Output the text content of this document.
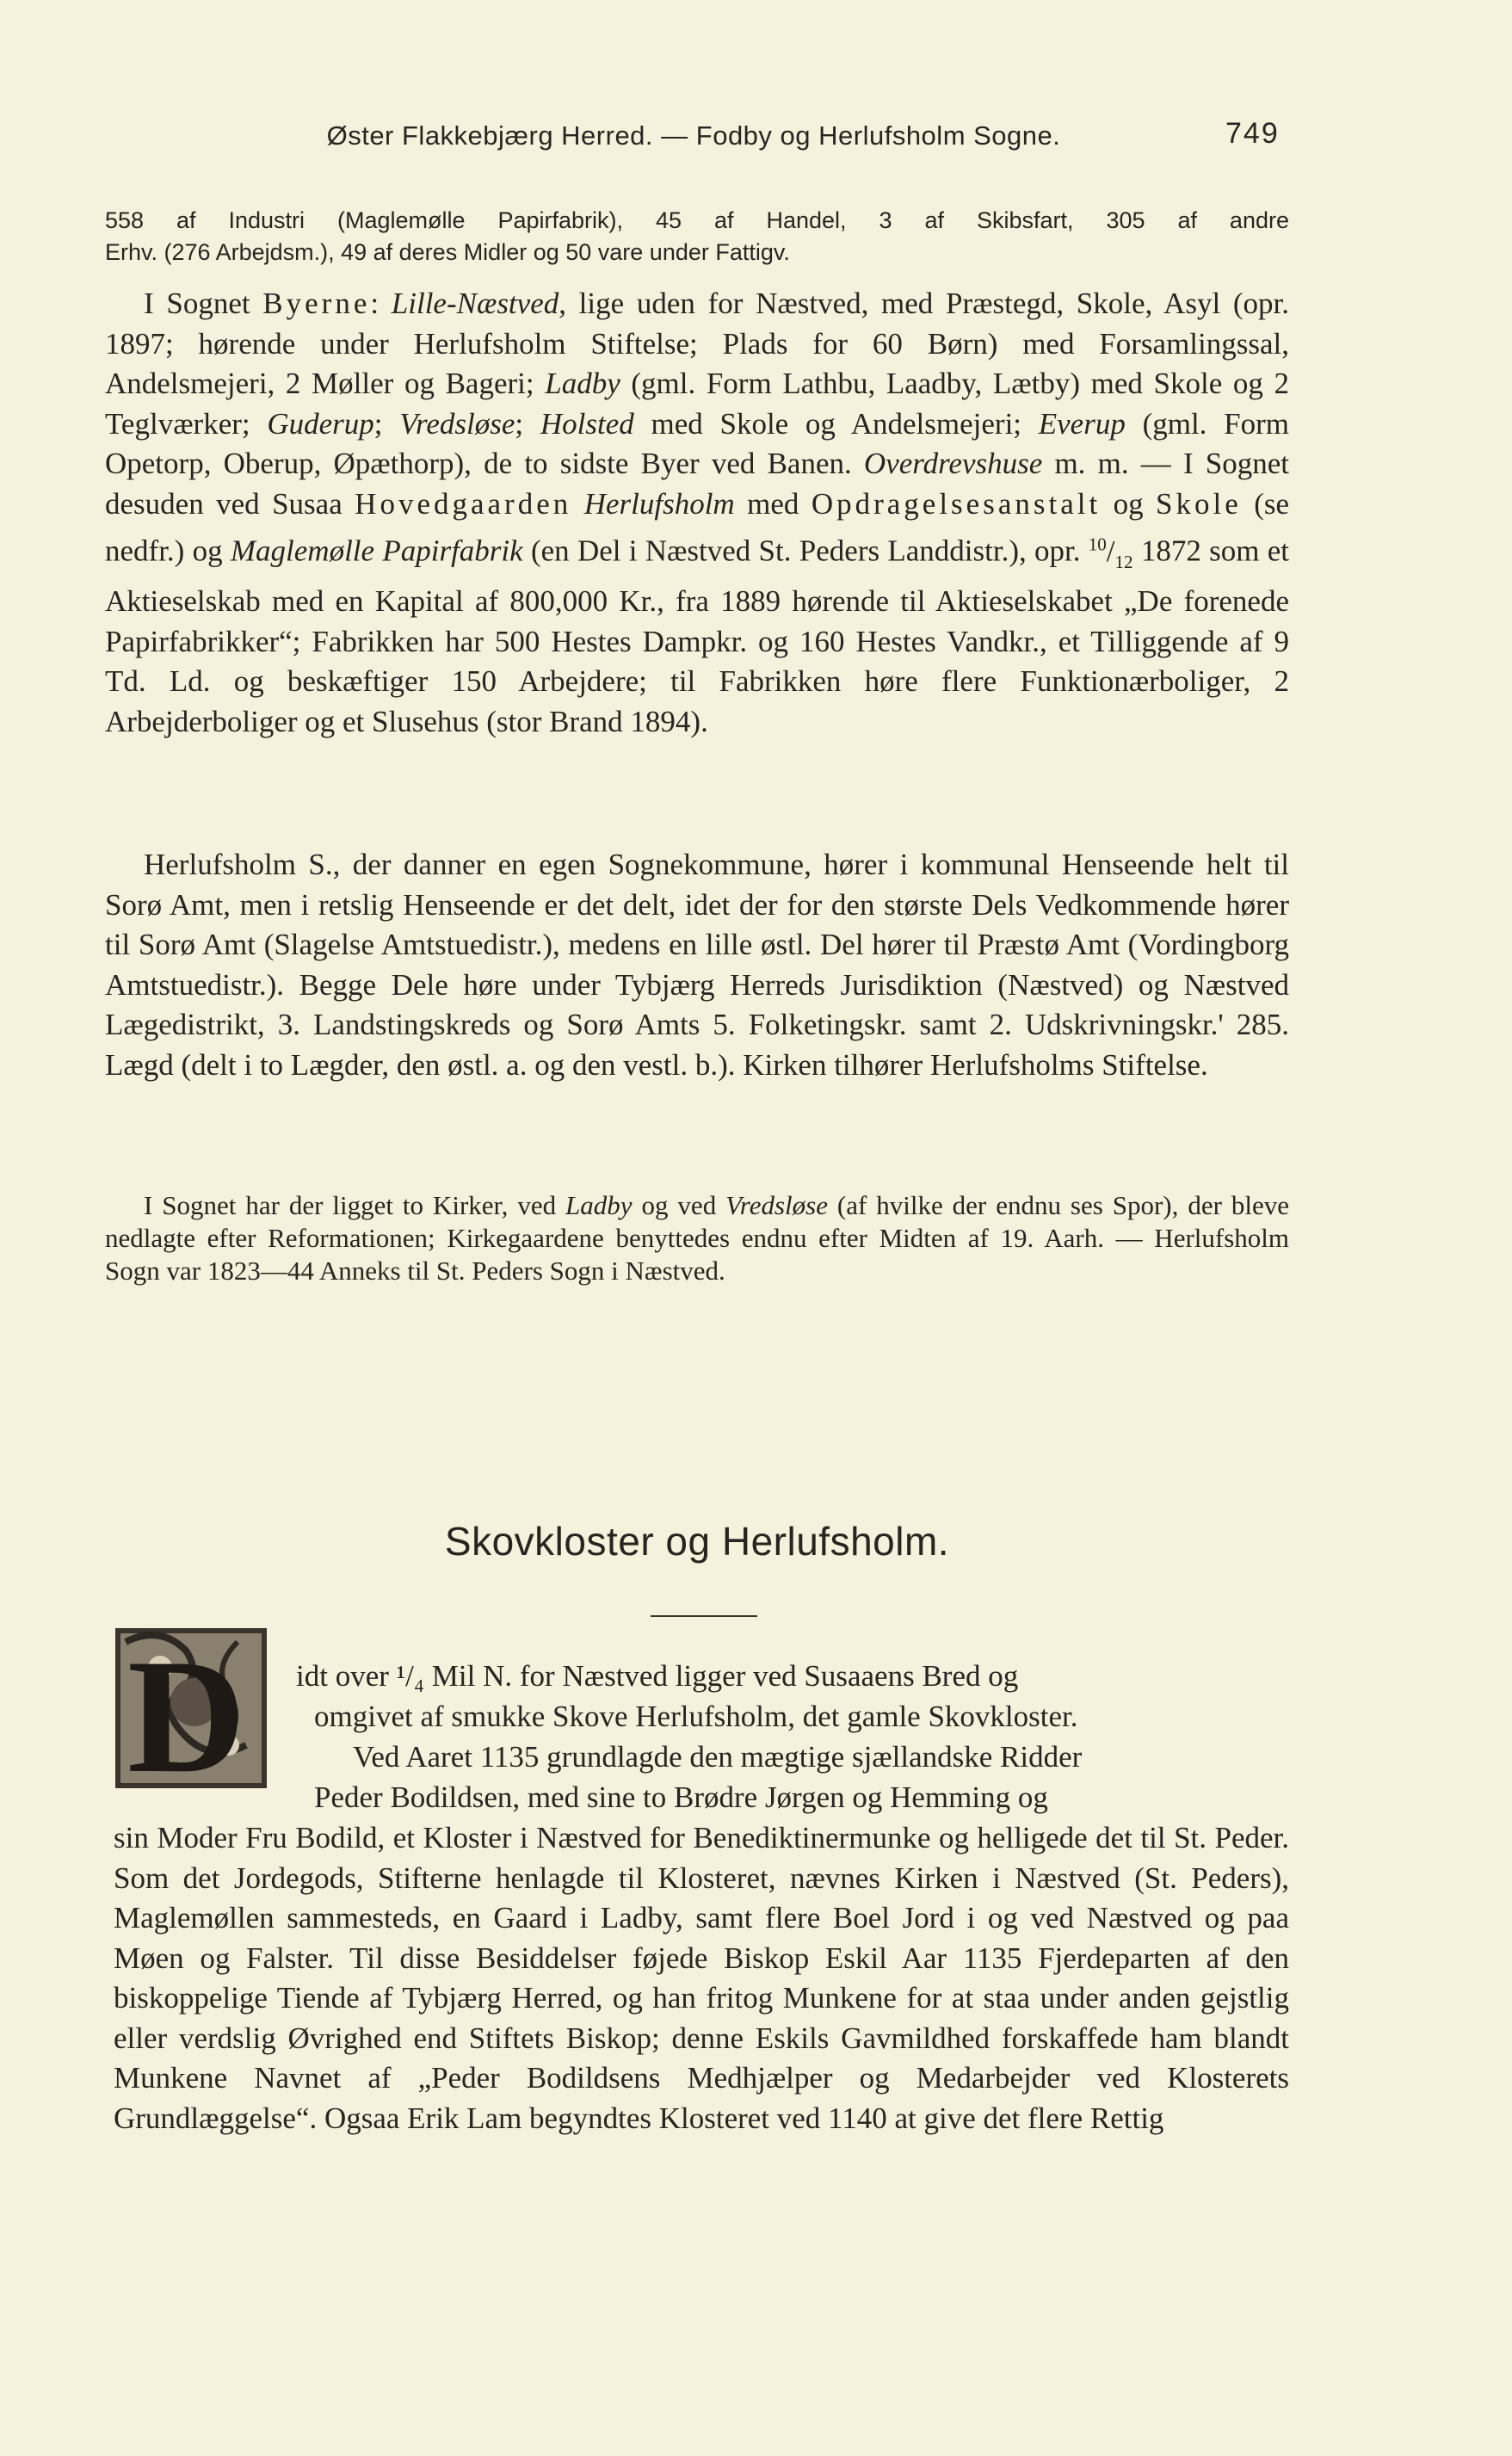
Øster Flakkebjærg Herred. — Fodby og Herlufsholm Sogne.	749
558 af Industri (Maglemølle Papirfabrik), 45 af Handel, 3 af Skibsfart, 305 af andre
Erhv. (276 Arbejdsm.), 49 af deres Midler og 50 vare under Fattigv.
I Sognet Byerne: Lille-Næstved, lige uden for Næstved, med Præstegd, Skole, Asyl (opr. 1897; hørende under Herlufsholm Stiftelse; Plads for 60 Børn) med Forsamlingssal, Andelsmejeri, 2 Møller og Bageri; Ladby (gml. Form Lathbu, Laadby, Lætby) med Skole og 2 Teglværker; Guderup; Vredsløse; Holsted med Skole og Andelsmejeri; Everup (gml. Form Opetorp, Oberup, Øpæthorp), de to sidste Byer ved Banen. Overdrevshuse m. m. — I Sognet desuden ved Susaa Hovedgaarden Herlufsholm med Opdragelsesanstalt og Skole (se nedfr.) og Maglemølle Papirfabrik (en Del i Næstved St. Peders Landdistr.), opr. $^{10}/_{12}$ 1872 som et Aktieselskab med en Kapital af 800,000 Kr., fra 1889 hørende til Aktieselskabet „De forenede Papirfabrikker“; Fabrikken har 500 Hestes Dampkr. og 160 Hestes Vandkr., et Tilliggende af 9 Td. Ld. og beskæftiger 150 Arbejdere; til Fabrikken høre flere Funktionærboliger, 2 Arbejderboliger og et Slusehus (stor Brand 1894).
Herlufsholm S., der danner en egen Sognekommune, hører i kommunal Henseende helt til Sorø Amt, men i retslig Henseende er det delt, idet der for den største Dels Vedkommende hører til Sorø Amt (Slagelse Amtstuedistr.), medens en lille østl. Del hører til Præstø Amt (Vordingborg Amtstuedistr.). Begge Dele høre under Tybjærg Herreds Jurisdiktion (Næstved) og Næstved Lægedistrikt, 3. Landstingskreds og Sorø Amts 5. Folketingskr. samt 2. Udskrivningskr.' 285. Lægd (delt i to Lægder, den østl. a. og den vestl. b.). Kirken tilhører Herlufsholms Stiftelse.
I Sognet har der ligget to Kirker, ved Ladby og ved Vredsløse (af hvilke der endnu ses Spor), der bleve nedlagte efter Reformationen; Kirkegaardene benyttedes endnu efter Midten af 19. Aarh. — Herlufsholm Sogn var 1823—44 Anneks til St. Peders Sogn i Næstved.
Skovkloster og Herlufsholm.
D idt over ¹/₄ Mil N. for Næstved ligger ved Susaaens Bred og
omgivet af smukke Skove Herlufsholm, det gamle Skovkloster.
Ved Aaret 1135 grundlagde den mægtige sjællandske Ridder
Peder Bodildsen, med sine to Brødre Jørgen og Hemming og
sin Moder Fru Bodild, et Kloster i Næstved for Benediktinermunke og helligede det til St. Peder. Som det Jordegods, Stifterne henlagde til Klosteret, nævnes Kirken i Næstved (St. Peders), Maglemøllen sammesteds, en Gaard i Ladby, samt flere Boel Jord i og ved Næstved og paa Møen og Falster. Til disse Besiddelser føjede Biskop Eskil Aar 1135 Fjerdeparten af den biskoppelige Tiende af Tybjærg Herred, og han fritog Munkene for at staa under anden gejstlig eller verdslig Øvrighed end Stiftets Biskop; denne Eskils Gavmildhed forskaffede ham blandt Munkene Navnet af „Peder Bodildsens Medhjælper og Medarbejder ved Klosterets Grundlæggelse“. Ogsaa Erik Lam begyndtes Klosteret ved 1140 at give det flere Rettig
